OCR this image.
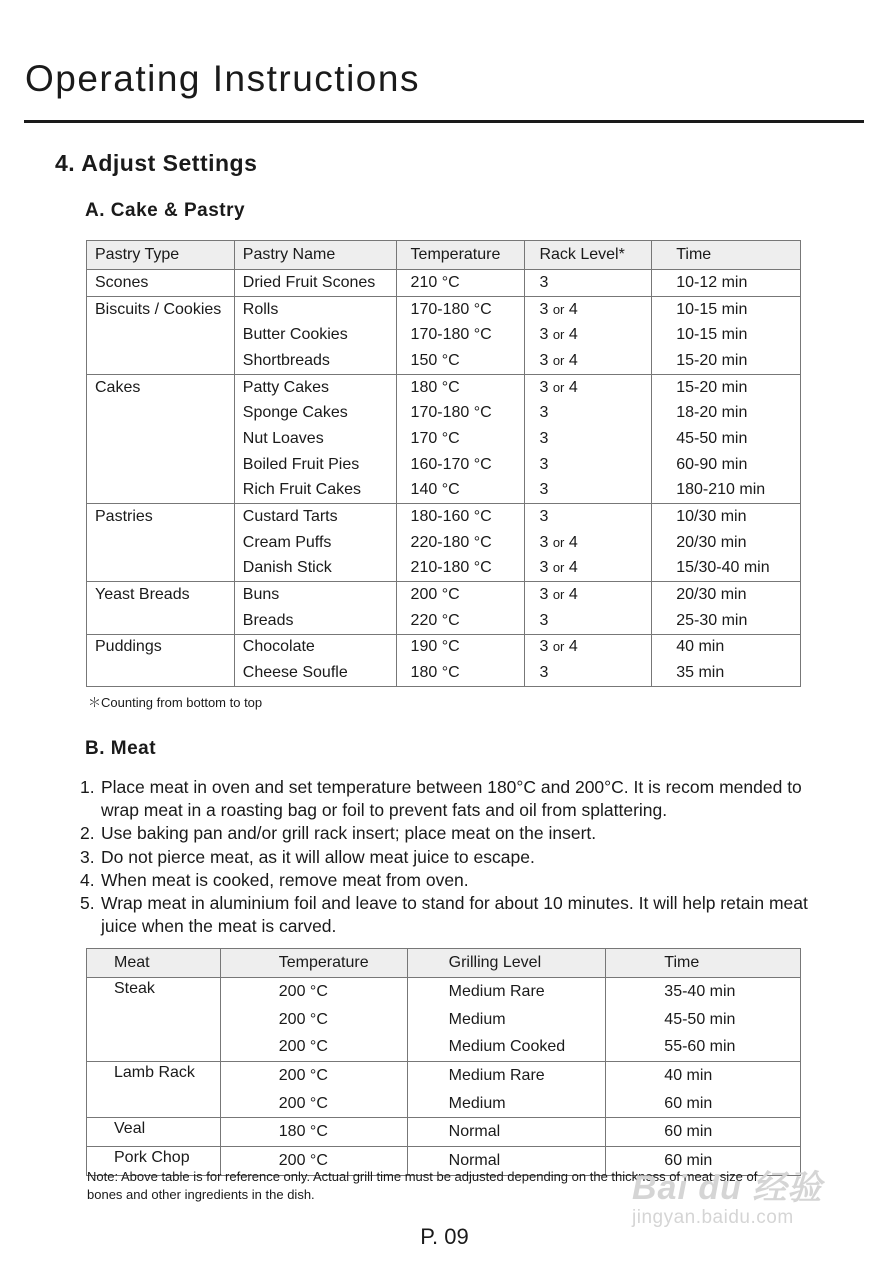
Operating Instructions
4. Adjust Settings
A. Cake & Pastry
Pastry Type	Pastry Name	Temperature	Rack Level*	Time
Scones	Dried Fruit Scones	210 °C	3	10-12 min
Biscuits / Cookies	Rolls	170-180 °C	3 or 4	10-15 min
	Butter Cookies	170-180 °C	3 or 4	10-15 min
	Shortbreads	150 °C	3 or 4	15-20 min
Cakes	Patty Cakes	180 °C	3 or 4	15-20 min
	Sponge Cakes	170-180 °C	3	18-20 min
	Nut Loaves	170 °C	3	45-50 min
	Boiled Fruit Pies	160-170 °C	3	60-90 min
	Rich Fruit Cakes	140 °C	3	180-210 min
Pastries	Custard Tarts	180-160 °C	3	10/30 min
	Cream Puffs	220-180 °C	3 or 4	20/30 min
	Danish Stick	210-180 °C	3 or 4	15/30-40 min
Yeast Breads	Buns	200 °C	3 or 4	20/30 min
	Breads	220 °C	3	25-30 min
Puddings	Chocolate	190 °C	3 or 4	40 min
	Cheese Soufle	180 °C	3	35 min

＊Counting from bottom to top

B. Meat
1. Place meat in oven and set temperature between 180°C and 200°C. It is recom mended to wrap meat in a roasting bag or foil to prevent fats and oil from splattering.
2. Use baking pan and/or grill rack insert; place meat on the insert.
3. Do not pierce meat, as it will allow meat juice to escape.
4. When meat is cooked, remove meat from oven.
5. Wrap meat in aluminium foil and leave to stand for about 10 minutes. It will help retain meat juice when the meat is carved.
Meat	Temperature	Grilling Level	Time
Steak	200 °C	Medium Rare	35-40 min
	200 °C	Medium	45-50 min
	200 °C	Medium Cooked	55-60 min
Lamb Rack	200 °C	Medium Rare	40 min
	200 °C	Medium	60 min
Veal	180 °C	Normal	60 min
Pork Chop	200 °C	Normal	60 min

Note: Above table is for reference only. Actual grill time must be adjusted depending on the thickness of meat, size of bones and other ingredients in the dish.

P. 09

Bai du 经验
jingyan.baidu.com
